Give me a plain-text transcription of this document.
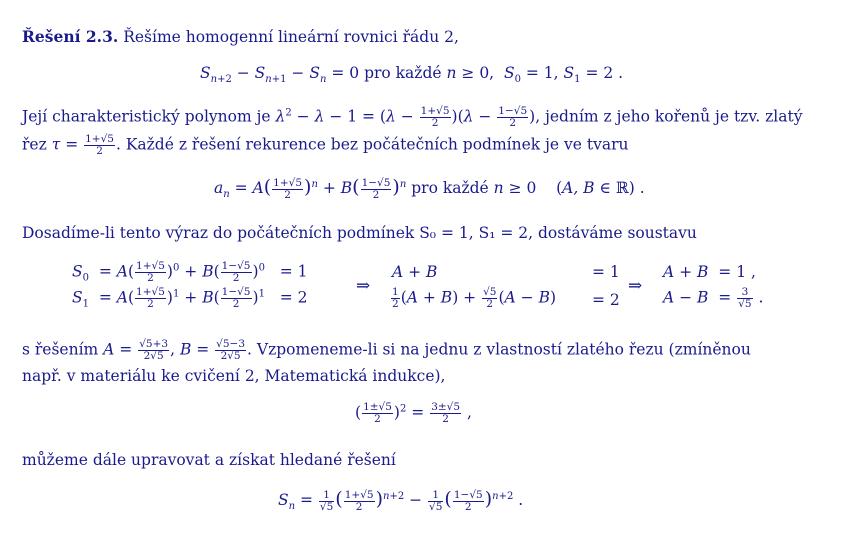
Řešení 2.3. Řešíme homogenní lineární rovnici řádu 2,
$S_{n+2} - S_{n+1} - S_n = 0$ pro každé n ≥ 0,  $S_0 = 1$, $S_1 = 2$ .
Její charakteristický polynom je $\lambda^2 - \lambda - 1 = (\lambda - \frac{1+√5}{2} )(\lambda - \frac{1-√5}{2}$ ), jedním z jeho kořenů je tzv. zlatý
řez $\tau = \frac{1+√5}{2}$ . Každé z řešení rekurence bez počátečních podmínek je ve tvaru
$a_n = A( \frac{1+√5}{2} )^n + B( \frac{1-√5}{2} )^n$ pro každé n ≥ 0    (A, B ∈ ℝ) .
Dosadíme-li tento výraz do počátečních podmínek S₀ = 1, S₁ = 2, dostáváme soustavu
$S_0 = A( \frac{1+√5}{2} )^0 + B( \frac{1-√5}{2} )^0 = 1$
$S_1 = A( \frac{1+√5}{2} )^1 + B( \frac{1-√5}{2} )^1 = 2$
⇒
A + B	= 1
$\frac{1}{2} (A + B) + \frac{√5}{2} (A - B) = 2$
⇒
A + B  = 1 ,
$A - B = \frac{3}{√5}$ .
s řešením $A = \frac{√5+3}{2√5}$ , $B = \frac{√5-3}{2√5}$ . Vzpomeneme-li si na jednu z vlastností zlatého řezu (zmíněnou
např. v materiálu ke cvičení 2, Matematická indukce),
( $\frac{1\pm√5}{2} )^2 = \frac{3\pm√5}{2}$ ,
můžeme dále upravovat a získat hledané řešení
$S_n = \frac{1}{√5}$ ( $\frac{1+√5}{2} )^{n+2} - \frac{1}{√5}$ ( $\frac{1-√5}{2} )^{n+2}$ .
